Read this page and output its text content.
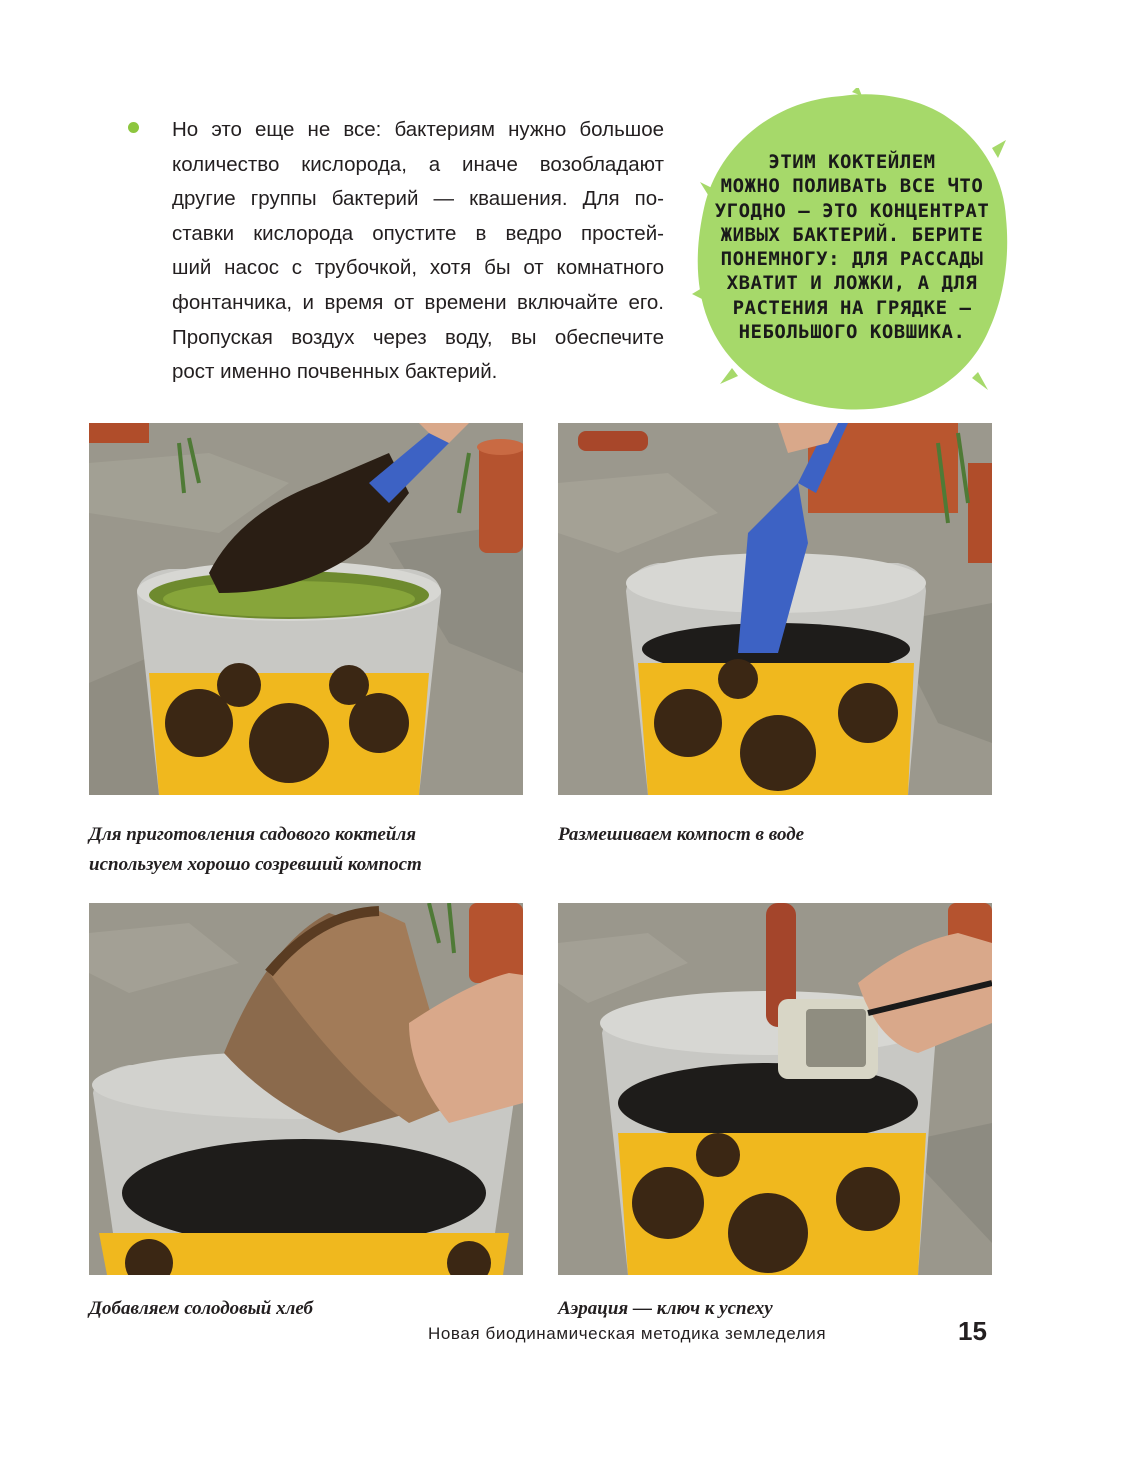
Но это еще не все: бактериям нужно большое
количество кислорода, а иначе возобладают
другие группы бактерий — квашения. Для по-
ставки кислорода опустите в ведро простей-
ший насос с трубочкой, хотя бы от комнатного
фонтанчика, и время от времени включайте его.
Пропуская воздух через воду, вы обеспечите
рост именно почвенных бактерий.
ЭТИМ КОКТЕЙЛЕМ
МОЖНО ПОЛИВАТЬ ВСЕ ЧТО
УГОДНО – ЭТО КОНЦЕНТРАТ
ЖИВЫХ БАКТЕРИЙ. БЕРИТЕ
ПОНЕМНОГУ: ДЛЯ РАССАДЫ
ХВАТИТ И ЛОЖКИ, А ДЛЯ
РАСТЕНИЯ НА ГРЯДКЕ –
НЕБОЛЬШОГО КОВШИКА.
Для приготовления садового коктейля
используем хорошо созревший компост
Размешиваем компост в воде
Добавляем солодовый хлеб	Аэрация — ключ к успеху
Новая биодинамическая методика земледелия	15
